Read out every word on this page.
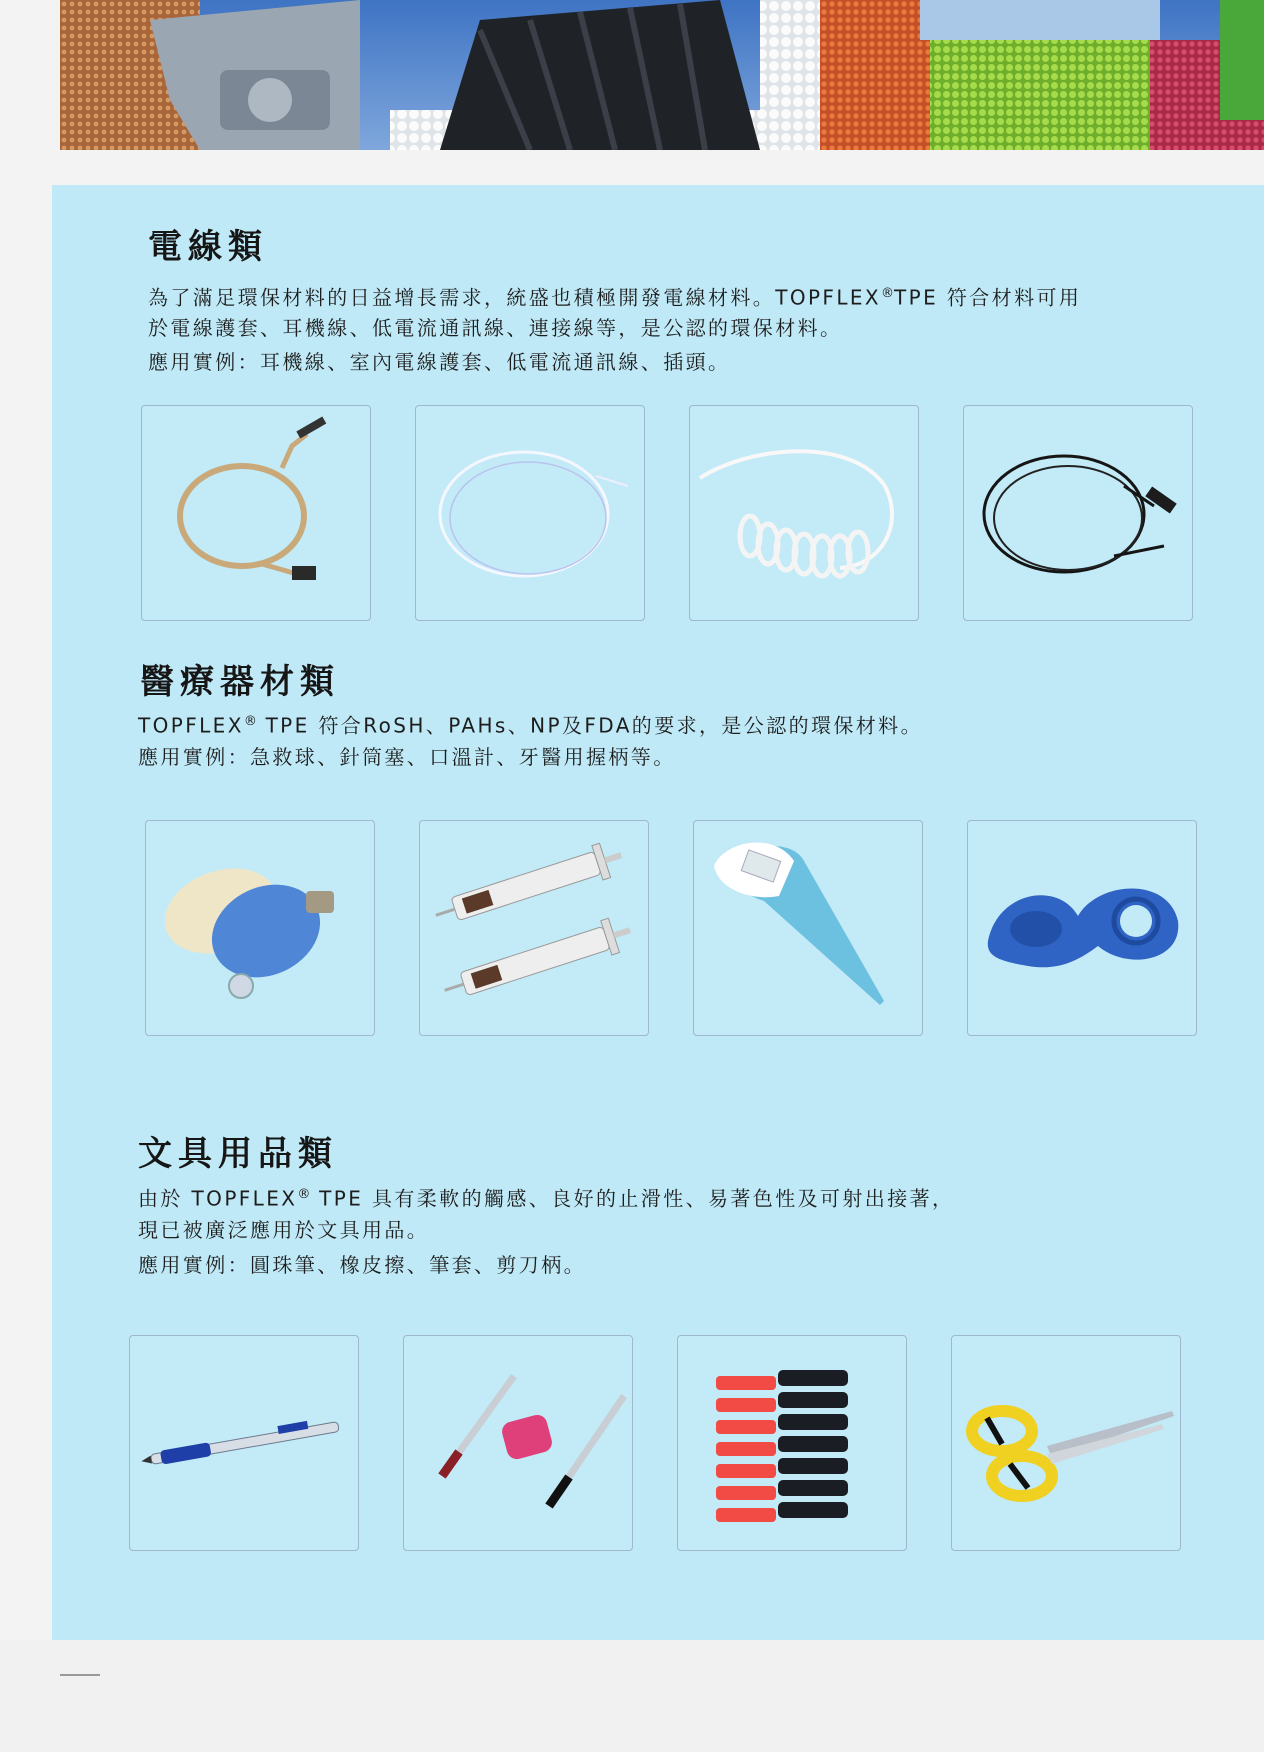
電線類
為了滿足環保材料的日益增長需求，統盛也積極開發電線材料。TOPFLEX®TPE 符合材料可用
於電線護套、耳機線、低電流通訊線、連接線等，是公認的環保材料。
應用實例：耳機線、室內電線護套、低電流通訊線、插頭。
醫療器材類
TOPFLEX® TPE 符合RoSH、PAHs、NP及FDA的要求，是公認的環保材料。
應用實例：急救球、針筒塞、口溫計、牙醫用握柄等。
文具用品類
由於 TOPFLEX® TPE 具有柔軟的觸感、良好的止滑性、易著色性及可射出接著，
現已被廣泛應用於文具用品。
應用實例：圓珠筆、橡皮擦、筆套、剪刀柄。
